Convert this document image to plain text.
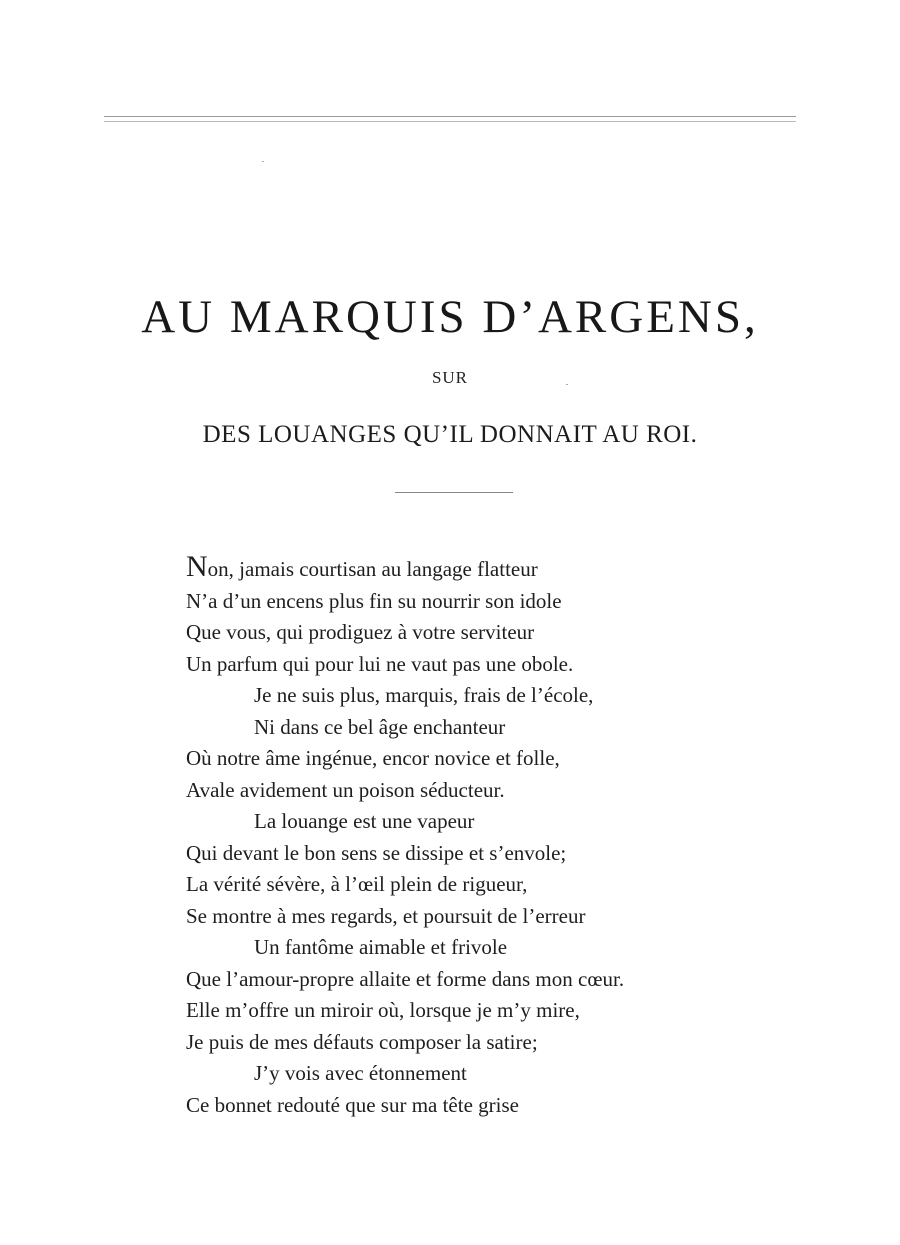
AU MARQUIS D’ARGENS,
SUR
DES LOUANGES QU’IL DONNAIT AU ROI.
Non, jamais courtisan au langage flatteur
N’a d’un encens plus fin su nourrir son idole
Que vous, qui prodiguez à votre serviteur
Un parfum qui pour lui ne vaut pas une obole.
Je ne suis plus, marquis, frais de l’école,
Ni dans ce bel âge enchanteur
Où notre âme ingénue, encor novice et folle,
Avale avidement un poison séducteur.
La louange est une vapeur
Qui devant le bon sens se dissipe et s’envole;
La vérité sévère, à l’œil plein de rigueur,
Se montre à mes regards, et poursuit de l’erreur
Un fantôme aimable et frivole
Que l’amour-propre allaite et forme dans mon cœur.
Elle m’offre un miroir où, lorsque je m’y mire,
Je puis de mes défauts composer la satire;
J’y vois avec étonnement
Ce bonnet redouté que sur ma tête grise
